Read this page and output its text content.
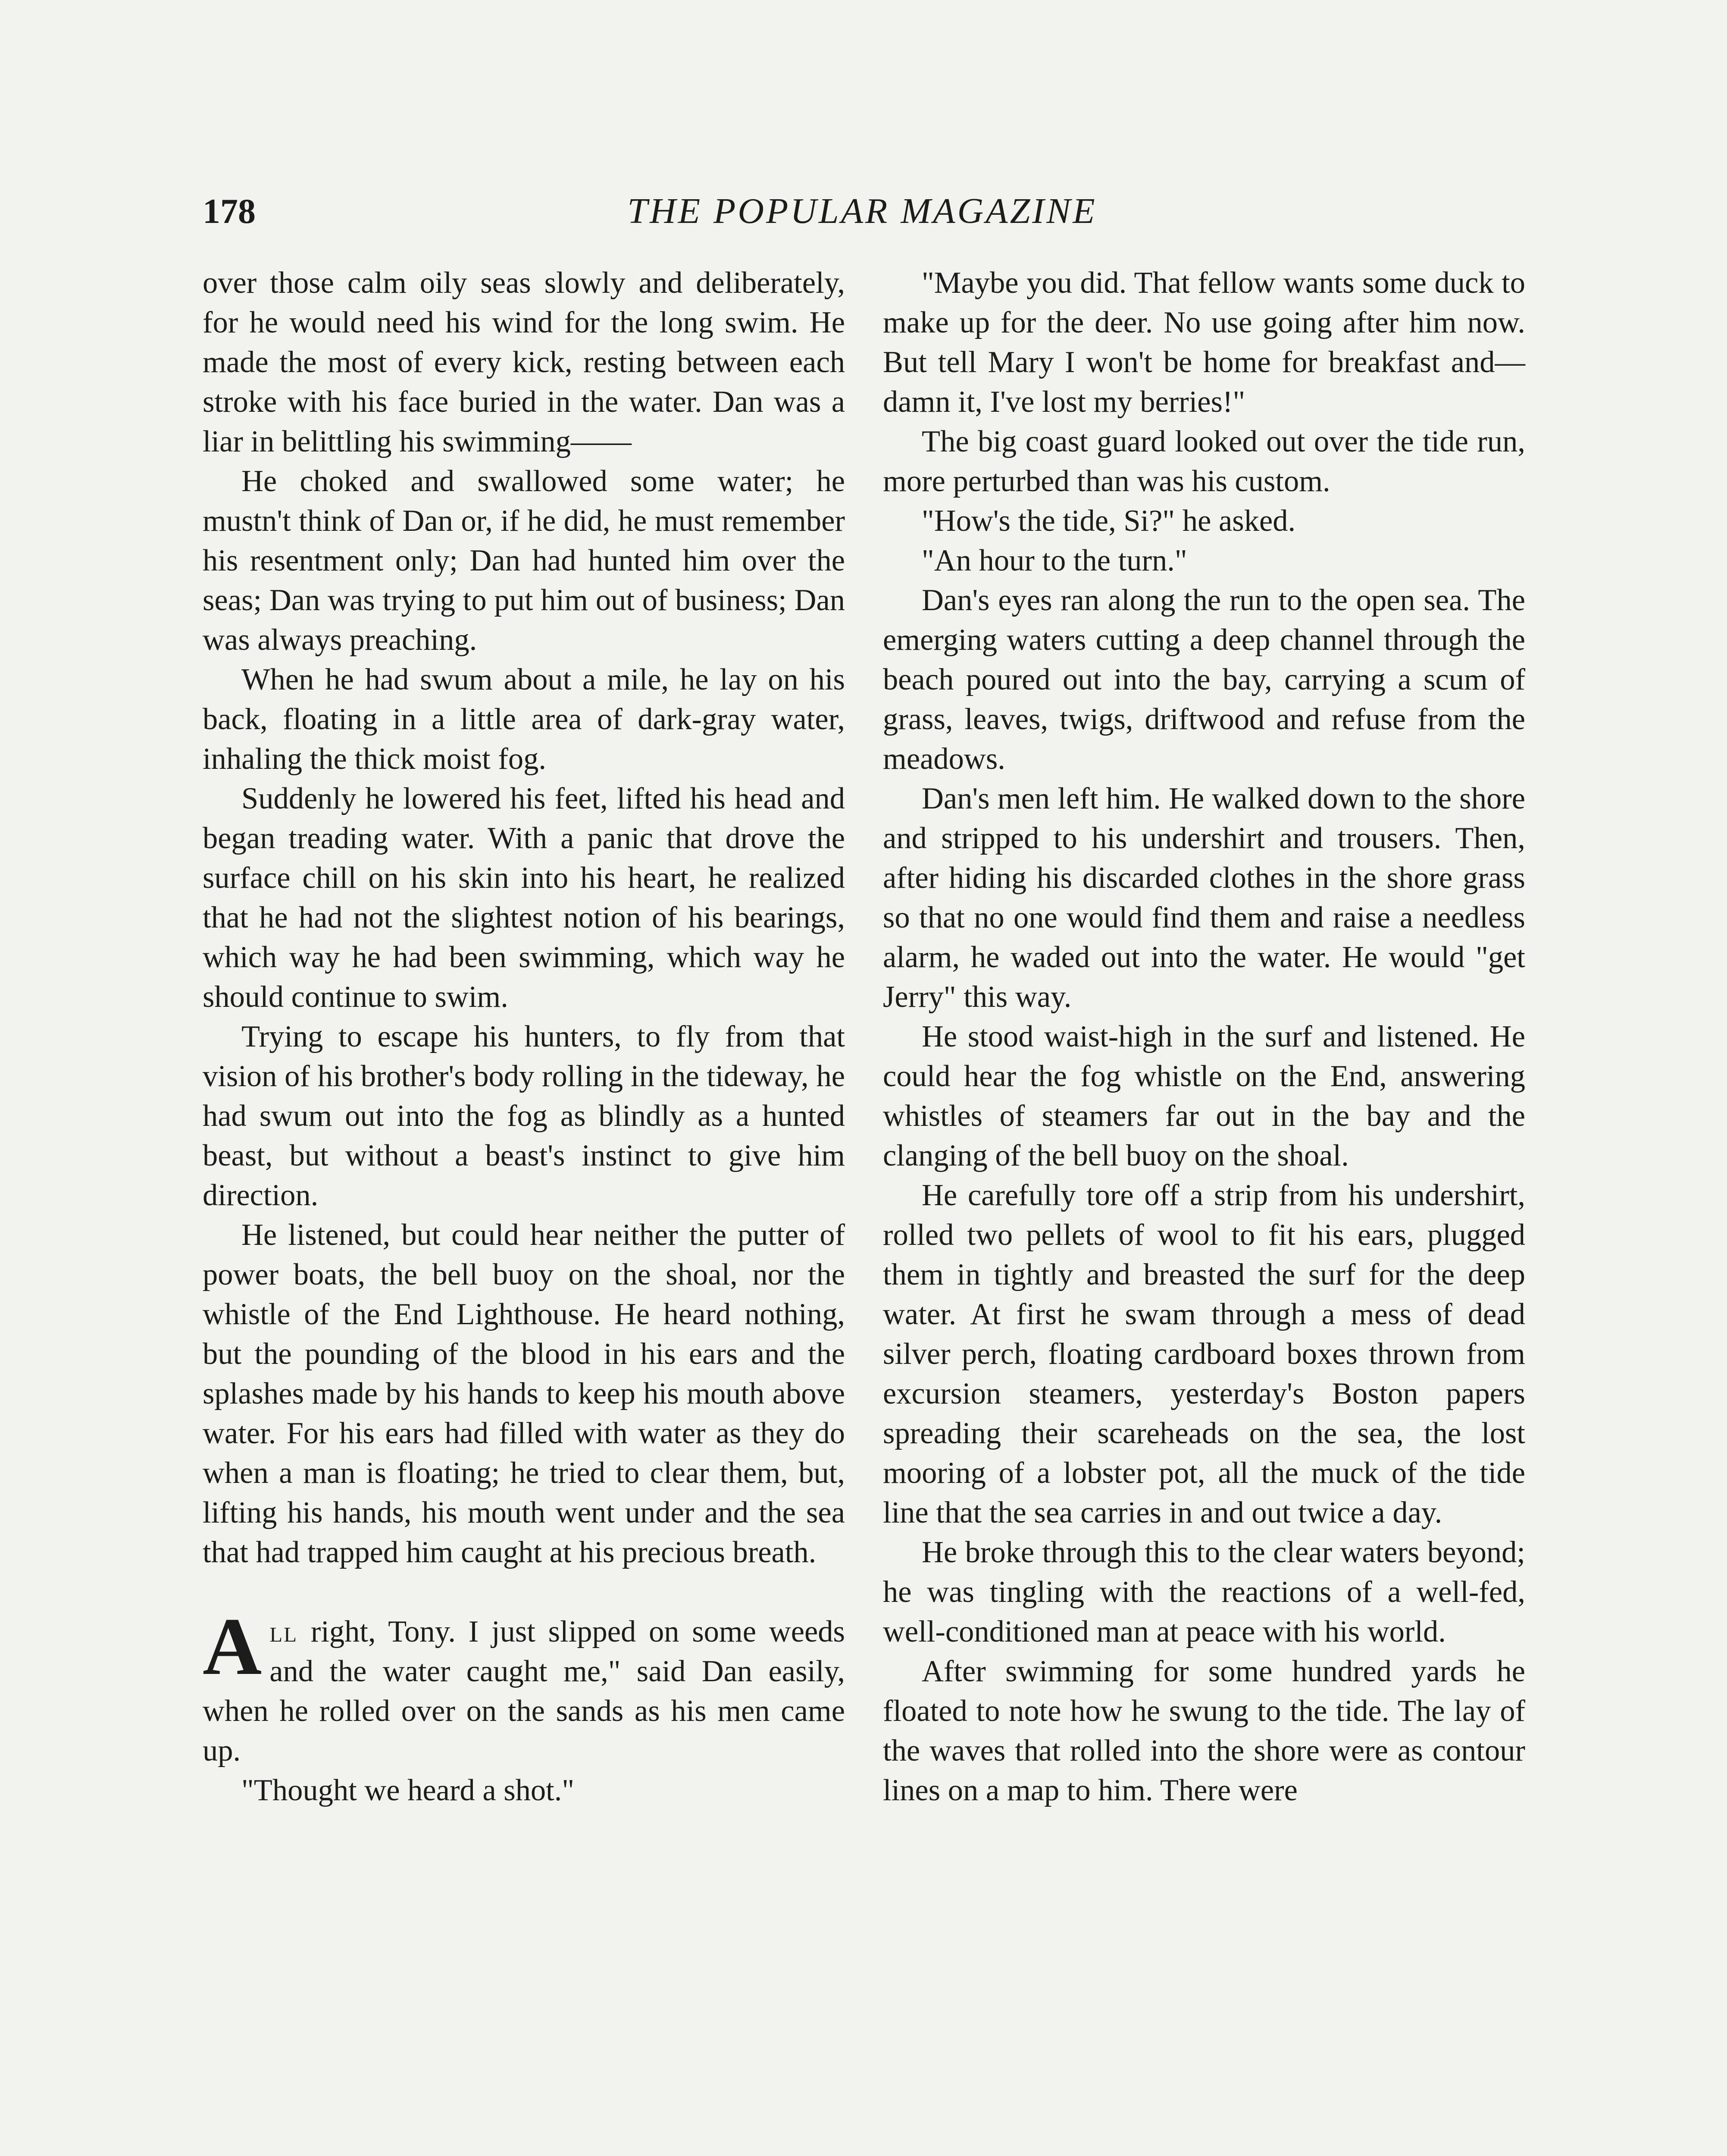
178	THE POPULAR MAGAZINE

over those calm oily seas slowly and deliberately, for he would need his wind for the long swim. He made the most of every kick, resting between each stroke with his face buried in the water. Dan was a liar in belittling his swimming——

He choked and swallowed some water; he mustn't think of Dan or, if he did, he must remember his resentment only; Dan had hunted him over the seas; Dan was trying to put him out of business; Dan was always preaching.

When he had swum about a mile, he lay on his back, floating in a little area of dark-gray water, inhaling the thick moist fog.

Suddenly he lowered his feet, lifted his head and began treading water. With a panic that drove the surface chill on his skin into his heart, he realized that he had not the slightest notion of his bearings, which way he had been swimming, which way he should continue to swim.

Trying to escape his hunters, to fly from that vision of his brother's body rolling in the tideway, he had swum out into the fog as blindly as a hunted beast, but without a beast's instinct to give him direction.

He listened, but could hear neither the putter of power boats, the bell buoy on the shoal, nor the whistle of the End Lighthouse. He heard nothing, but the pounding of the blood in his ears and the splashes made by his hands to keep his mouth above water. For his ears had filled with water as they do when a man is floating; he tried to clear them, but, lifting his hands, his mouth went under and the sea that had trapped him caught at his precious breath.

All right, Tony. I just slipped on some weeds and the water caught me," said Dan easily, when he rolled over on the sands as his men came up.

"Thought we heard a shot."

"Maybe you did. That fellow wants some duck to make up for the deer. No use going after him now. But tell Mary I won't be home for breakfast and—damn it, I've lost my berries!"

The big coast guard looked out over the tide run, more perturbed than was his custom.

"How's the tide, Si?" he asked.

"An hour to the turn."

Dan's eyes ran along the run to the open sea. The emerging waters cutting a deep channel through the beach poured out into the bay, carrying a scum of grass, leaves, twigs, driftwood and refuse from the meadows.

Dan's men left him. He walked down to the shore and stripped to his undershirt and trousers. Then, after hiding his discarded clothes in the shore grass so that no one would find them and raise a needless alarm, he waded out into the water. He would "get Jerry" this way.

He stood waist-high in the surf and listened. He could hear the fog whistle on the End, answering whistles of steamers far out in the bay and the clanging of the bell buoy on the shoal.

He carefully tore off a strip from his undershirt, rolled two pellets of wool to fit his ears, plugged them in tightly and breasted the surf for the deep water. At first he swam through a mess of dead silver perch, floating cardboard boxes thrown from excursion steamers, yesterday's Boston papers spreading their scareheads on the sea, the lost mooring of a lobster pot, all the muck of the tide line that the sea carries in and out twice a day.

He broke through this to the clear waters beyond; he was tingling with the reactions of a well-fed, well-conditioned man at peace with his world.

After swimming for some hundred yards he floated to note how he swung to the tide. The lay of the waves that rolled into the shore were as contour lines on a map to him. There were
